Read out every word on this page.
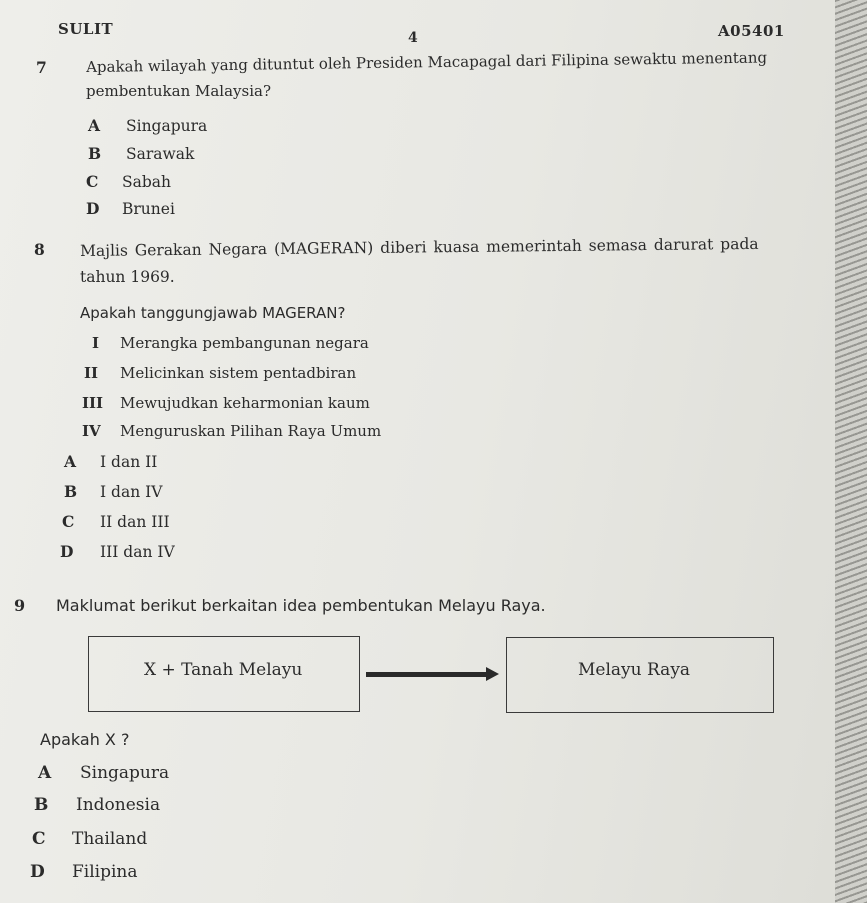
SULIT	4	A05401
7	Apakah wilayah yang dituntut oleh Presiden Macapagal dari Filipina sewaktu menentang
pembentukan Malaysia?
A Singapura
B Sarawak
C Sabah
D Brunei
8 Majlis Gerakan Negara (MAGERAN) diberi kuasa memerintah semasa darurat pada
tahun 1969.
Apakah tanggungjawab MAGERAN?
I Merangka pembangunan negara
II Melicinkan sistem pentadbiran
III Mewujudkan keharmonian kaum
IV Menguruskan Pilihan Raya Umum
A I dan II
B I dan IV
C II dan III
D III dan IV
9 Maklumat berikut berkaitan idea pembentukan Melayu Raya.
X + Tanah Melayu	Melayu Raya
Apakah X ?
A Singapura
B Indonesia
C Thailand
D Filipina
